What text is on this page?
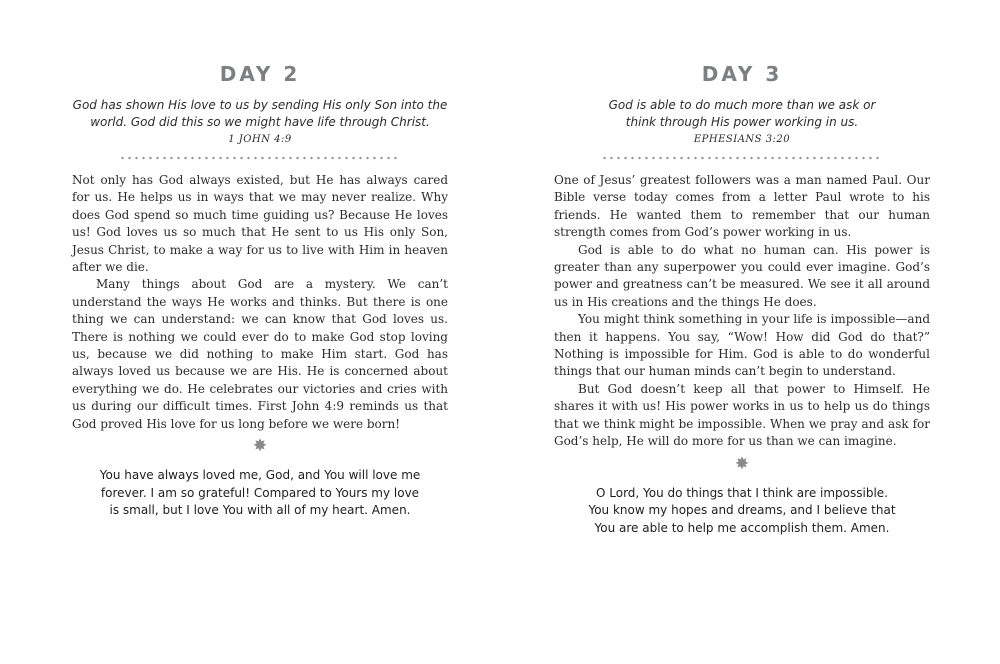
DAY 2
God has shown His love to us by sending His only Son into the
world. God did this so we might have life through Christ.
1 JOHN 4:9

Not only has God always existed, but He has always cared for us. He helps us in ways that we may never realize. Why does God spend so much time guiding us? Because He loves us! God loves us so much that He sent to us His only Son, Jesus Christ, to make a way for us to live with Him in heaven after we die.

Many things about God are a mystery. We can’t understand the ways He works and thinks. But there is one thing we can understand: we can know that God loves us. There is nothing we could ever do to make God stop loving us, because we did nothing to make Him start. God has always loved us because we are His. He is concerned about everything we do. He celebrates our victories and cries with us during our difficult times. First John 4:9 reminds us that God proved His love for us long before we were born!

✸
You have always loved me, God, and You will love me
forever. I am so grateful! Compared to Yours my love
is small, but I love You with all of my heart. Amen.
DAY 3
God is able to do much more than we ask or
think through His power working in us.
EPHESIANS 3:20

One of Jesus’ greatest followers was a man named Paul. Our Bible verse today comes from a letter Paul wrote to his friends. He wanted them to remember that our human strength comes from God’s power working in us.

God is able to do what no human can. His power is greater than any superpower you could ever imagine. God’s power and greatness can’t be measured. We see it all around us in His creations and the things He does.

You might think something in your life is impossible—and then it happens. You say, “Wow! How did God do that?” Nothing is impossible for Him. God is able to do wonderful things that our human minds can’t begin to understand.

But God doesn’t keep all that power to Himself. He shares it with us! His power works in us to help us do things that we think might be impossible. When we pray and ask for God’s help, He will do more for us than we can imagine.

✸
O Lord, You do things that I think are impossible.
You know my hopes and dreams, and I believe that
You are able to help me accomplish them. Amen.
